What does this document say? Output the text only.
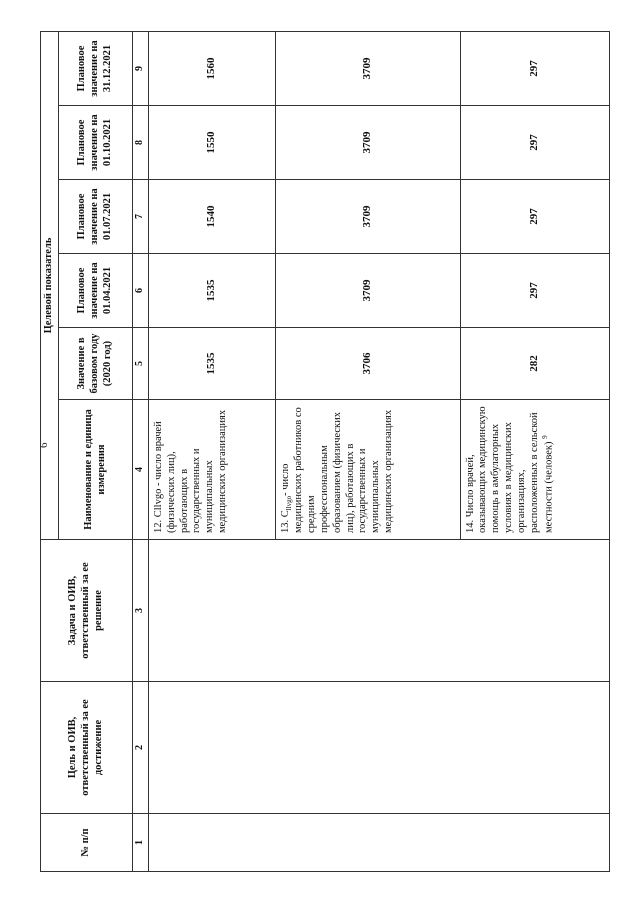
6
№ п/п	Цель и ОИВ, ответственный за ее достижение	Задача и ОИВ, ответственный за ее решение	Целевой показатель					
			Наименование и единица измерения	Значение в базовом году (2020 год)	Плановое значение на 01.04.2021	Плановое значение на 01.07.2021	Плановое значение на 01.10.2021	Плановое значение на 31.12.2021
1	2	3	4	5	6	7	8	9
			12. Cllvgo - число врачей (физических лиц), работающих в государственных и муниципальных медицинских организациях	1535	1535	1540	1550	1560
			13. $C_{llvgo}-$ число медицинских работников со средним профессиональным образованием (физических лиц), работающих в государственных и муниципальных медицинских организациях	3706	3709	3709	3709	3709
			14. Число врачей, оказывающих медицинскую помощь в амбулаторных условиях в медицинских организациях, расположенных в сельской местности (человек) $^9$	282	297	297	297	297
